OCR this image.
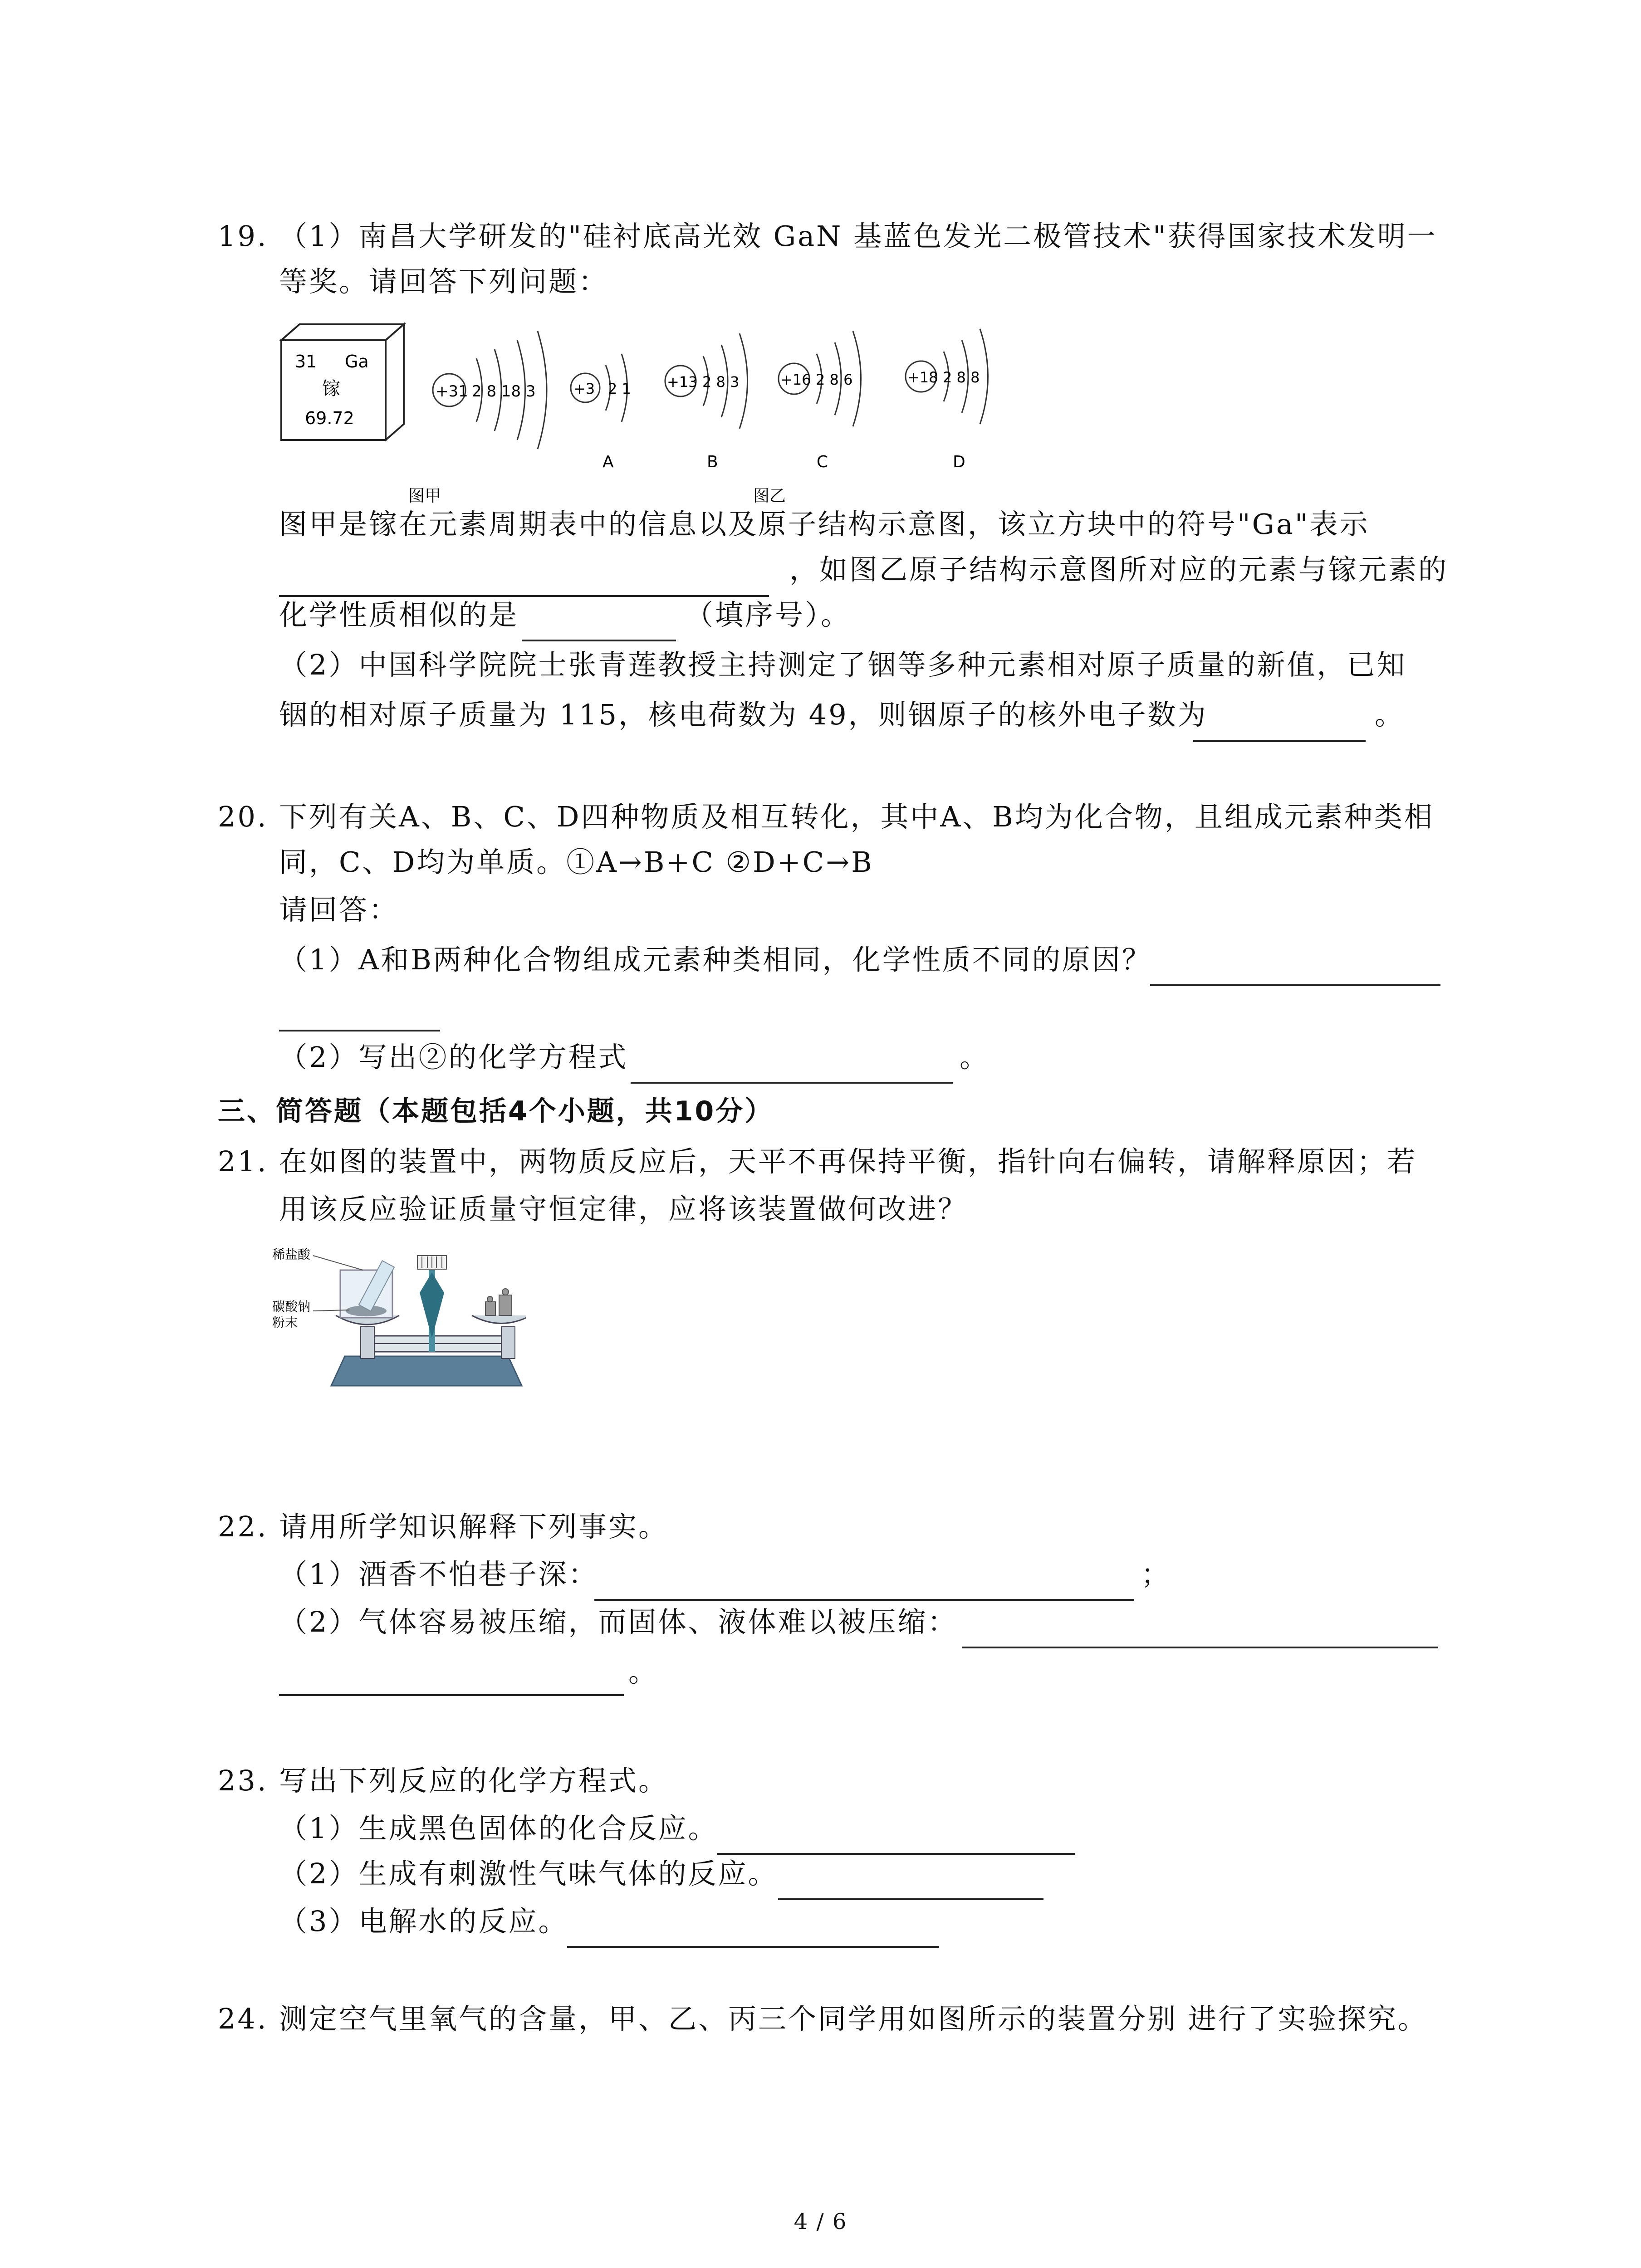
19. （1）南昌大学研发的"硅衬底高光效 GaN 基蓝色发光二极管技术"获得国家技术发明一
等奖。请回答下列问题：
31 Ga
镓
69.72
+31 2 8 18 3	+3 2 1
A
+13 2 8 3
B
+16 2 8 6
C
+18 2 8 8
D
图甲	图乙
图甲是镓在元素周期表中的信息以及原子结构示意图，该立方块中的符号"Ga"表示
，如图乙原子结构示意图所对应的元素与镓元素的
化学性质相似的是	（填序号）。
（2）中国科学院院士张青莲教授主持测定了铟等多种元素相对原子质量的新值，已知
铟的相对原子质量为 115，核电荷数为 49，则铟原子的核外电子数为	。
20. 下列有关A、B、C、D四种物质及相互转化，其中A、B均为化合物，且组成元素种类相
同，C、D均为单质。①A→B+C ②D+C→B
请回答：
（1）A和B两种化合物组成元素种类相同，化学性质不同的原因？
（2）写出②的化学方程式	。
三、简答题（本题包括4个小题，共10分）
21. 在如图的装置中，两物质反应后，天平不再保持平衡，指针向右偏转，请解释原因；若
用该反应验证质量守恒定律，应将该装置做何改进？
稀盐酸
碳酸钠
粉末
22. 请用所学知识解释下列事实。
（1）酒香不怕巷子深：	；
（2）气体容易被压缩，而固体、液体难以被压缩：
。
23. 写出下列反应的化学方程式。
（1）生成黑色固体的化合反应。
（2）生成有刺激性气味气体的反应。
（3）电解水的反应。
24. 测定空气里氧气的含量，甲、乙、丙三个同学用如图所示的装置分别 进行了实验探究。
4 / 6
